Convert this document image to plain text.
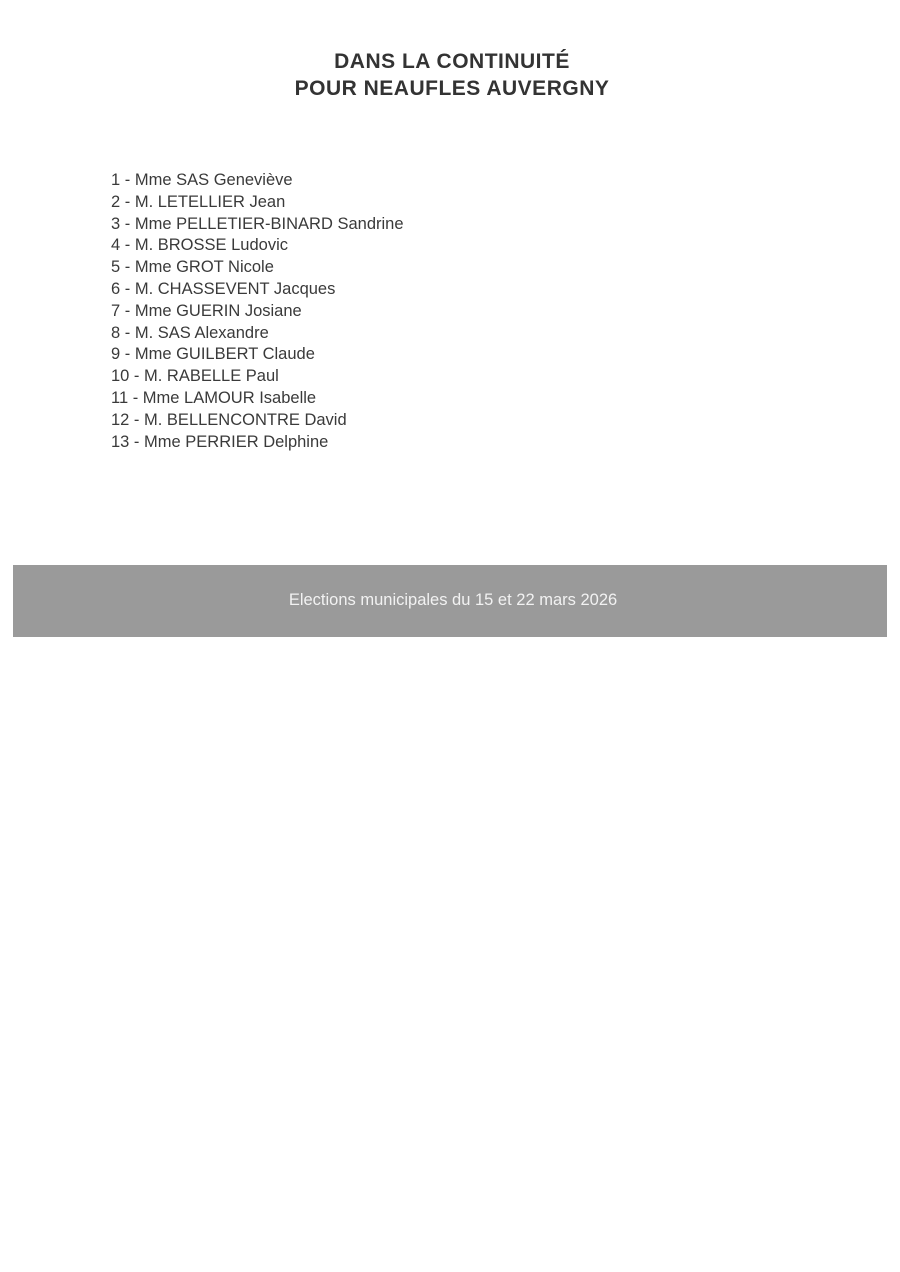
DANS LA CONTINUITÉ
POUR NEAUFLES AUVERGNY
1 - Mme SAS Geneviève
2 - M. LETELLIER Jean
3 - Mme PELLETIER-BINARD Sandrine
4 - M. BROSSE Ludovic
5 - Mme GROT Nicole
6 - M. CHASSEVENT Jacques
7 - Mme GUERIN Josiane
8 - M. SAS Alexandre
9 - Mme GUILBERT Claude
10 - M. RABELLE Paul
11 - Mme LAMOUR Isabelle
12 - M. BELLENCONTRE David
13 - Mme PERRIER Delphine
Elections municipales du 15 et 22 mars 2026
